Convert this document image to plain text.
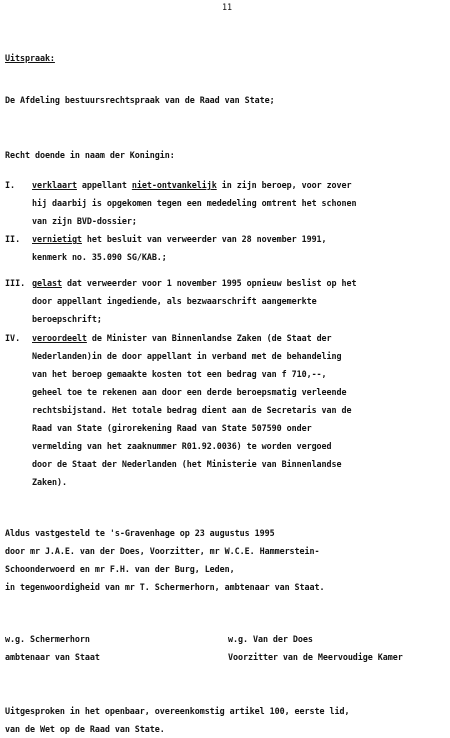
11
Uitspraak:
De Afdeling bestuursrechtspraak van de Raad van State;
Recht doende in naam der Koningin:
I. verklaart appellant niet-ontvankelijk in zijn beroep, voor zover
hij daarbij is opgekomen tegen een mededeling omtrent het schonen
van zijn BVD-dossier;
II. vernietigt het besluit van verweerder van 28 november 1991,
kenmerk no. 35.090 SG/KAB.;
III. gelast dat verweerder voor 1 november 1995 opnieuw beslist op het
door appellant ingediende, als bezwaarschrift aangemerkte
beroepschrift;
IV. veroordeelt de Minister van Binnenlandse Zaken (de Staat der
Nederlanden)in de door appellant in verband met de behandeling
van het beroep gemaakte kosten tot een bedrag van f 710,--,
geheel toe te rekenen aan door een derde beroepsmatig verleende
rechtsbijstand. Het totale bedrag dient aan de Secretaris van de
Raad van State (girorekening Raad van State 507590 onder
vermelding van het zaaknummer R01.92.0036) te worden vergoed
door de Staat der Nederlanden (het Ministerie van Binnenlandse
Zaken).
Aldus vastgesteld te 's-Gravenhage op 23 augustus 1995
door mr J.A.E. van der Does, Voorzitter, mr W.C.E. Hammerstein-
Schoonderwoerd en mr F.H. van der Burg, Leden,
in tegenwoordigheid van mr T. Schermerhorn, ambtenaar van Staat.
w.g. Schermerhorn
ambtenaar van Staat
w.g. Van der Does
Voorzitter van de Meervoudige Kamer
Uitgesproken in het openbaar, overeenkomstig artikel 100, eerste lid,
van de Wet op de Raad van State.
